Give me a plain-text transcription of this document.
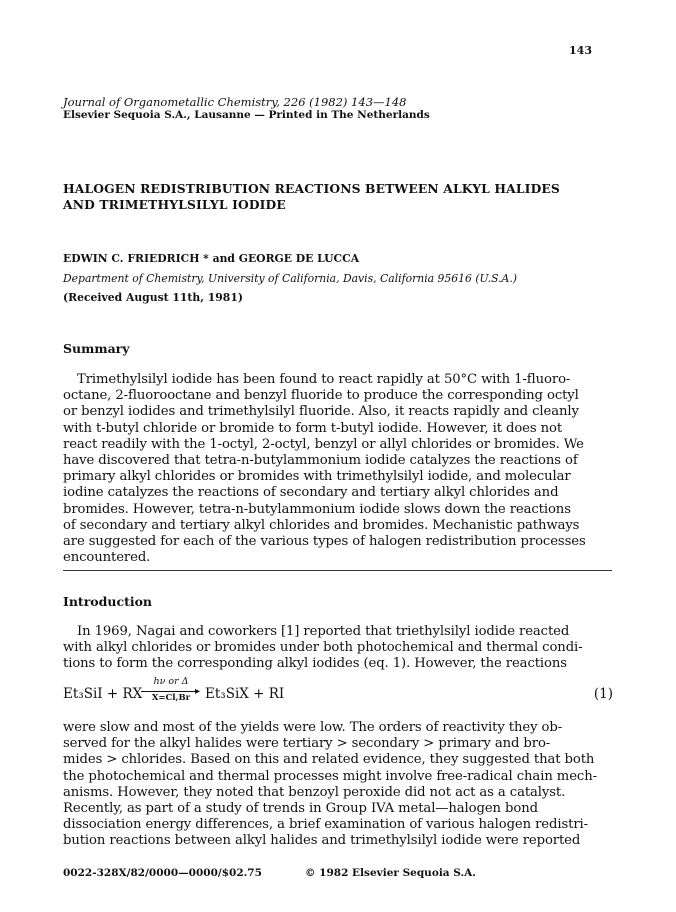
143
Journal of Organometallic Chemistry, 226 (1982) 143—148
Elsevier Sequoia S.A., Lausanne — Printed in The Netherlands
HALOGEN REDISTRIBUTION REACTIONS BETWEEN ALKYL HALIDES
AND TRIMETHYLSILYL IODIDE
EDWIN C. FRIEDRICH * and GEORGE DE LUCCA
Department of Chemistry, University of California, Davis, California 95616 (U.S.A.)
(Received August 11th, 1981)
Summary
Trimethylsilyl iodide has been found to react rapidly at 50°C with 1-fluoro-
octane, 2-fluorooctane and benzyl fluoride to produce the corresponding octyl
or benzyl iodides and trimethylsilyl fluoride. Also, it reacts rapidly and cleanly
with t-butyl chloride or bromide to form t-butyl iodide. However, it does not
react readily with the 1-octyl, 2-octyl, benzyl or allyl chlorides or bromides. We
have discovered that tetra-n-butylammonium iodide catalyzes the reactions of
primary alkyl chlorides or bromides with trimethylsilyl iodide, and molecular
iodine catalyzes the reactions of secondary and tertiary alkyl chlorides and
bromides. However, tetra-n-butylammonium iodide slows down the reactions
of secondary and tertiary alkyl chlorides and bromides. Mechanistic pathways
are suggested for each of the various types of halogen redistribution processes
encountered.
Introduction
In 1969, Nagai and coworkers [1] reported that triethylsilyl iodide reacted
with alkyl chlorides or bromides under both photochemical and thermal condi-
tions to form the corresponding alkyl iodides (eq. 1). However, the reactions
Et₃SiI + RX
hν or Δ
▸
X=Cl,Br	Et₃SiX + RI	(1)
were slow and most of the yields were low. The orders of reactivity they ob-
served for the alkyl halides were tertiary > secondary > primary and bro-
mides > chlorides. Based on this and related evidence, they suggested that both
the photochemical and thermal processes might involve free-radical chain mech-
anisms. However, they noted that benzoyl peroxide did not act as a catalyst.
Recently, as part of a study of trends in Group IVA metal—halogen bond
dissociation energy differences, a brief examination of various halogen redistri-
bution reactions between alkyl halides and trimethylsilyl iodide were reported
0022-328X/82/0000—0000/$02.75	© 1982 Elsevier Sequoia S.A.
